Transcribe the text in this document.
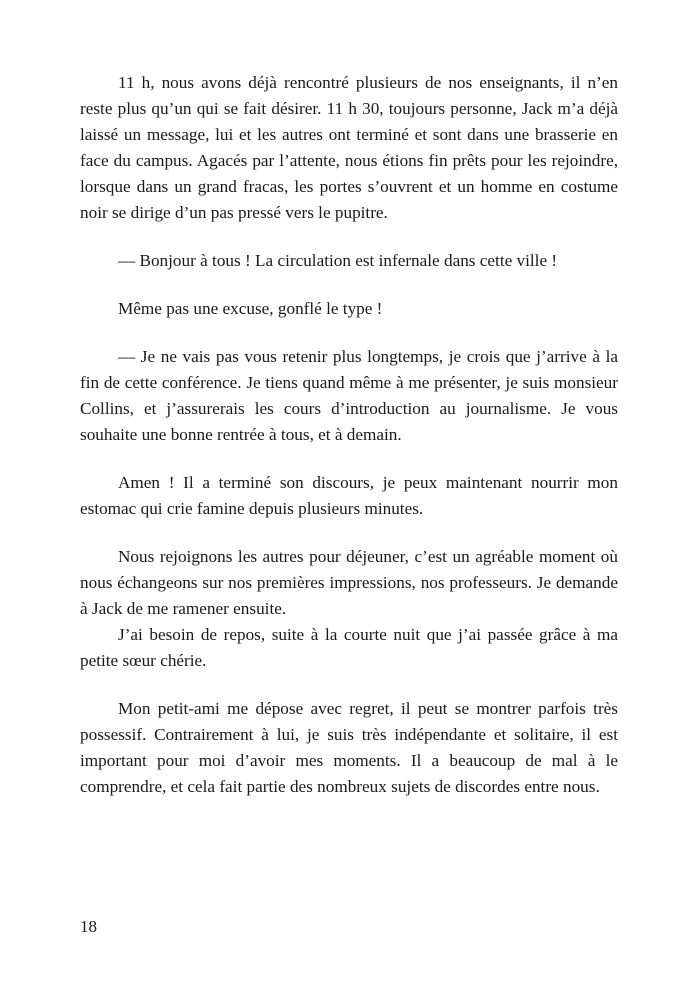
11 h, nous avons déjà rencontré plusieurs de nos enseignants, il n’en reste plus qu’un qui se fait désirer. 11 h 30, toujours personne, Jack m’a déjà laissé un message, lui et les autres ont terminé et sont dans une brasserie en face du campus. Agacés par l’attente, nous étions fin prêts pour les rejoindre, lorsque dans un grand fracas, les portes s’ouvrent et un homme en costume noir se dirige d’un pas pressé vers le pupitre.

— Bonjour à tous ! La circulation est infernale dans cette ville !

Même pas une excuse, gonflé le type !

— Je ne vais pas vous retenir plus longtemps, je crois que j’arrive à la fin de cette conférence. Je tiens quand même à me présenter, je suis monsieur Collins, et j’assurerais les cours d’introduction au journalisme. Je vous souhaite une bonne rentrée à tous, et à demain.

Amen ! Il a terminé son discours, je peux maintenant nourrir mon estomac qui crie famine depuis plusieurs minutes.

Nous rejoignons les autres pour déjeuner, c’est un agréable moment où nous échangeons sur nos premières impressions, nos professeurs. Je demande à Jack de me ramener ensuite.

J’ai besoin de repos, suite à la courte nuit que j’ai passée grâce à ma petite sœur chérie.

Mon petit-ami me dépose avec regret, il peut se montrer parfois très possessif. Contrairement à lui, je suis très indépendante et solitaire, il est important pour moi d’avoir mes moments. Il a beaucoup de mal à le comprendre, et cela fait partie des nombreux sujets de discordes entre nous.

18
